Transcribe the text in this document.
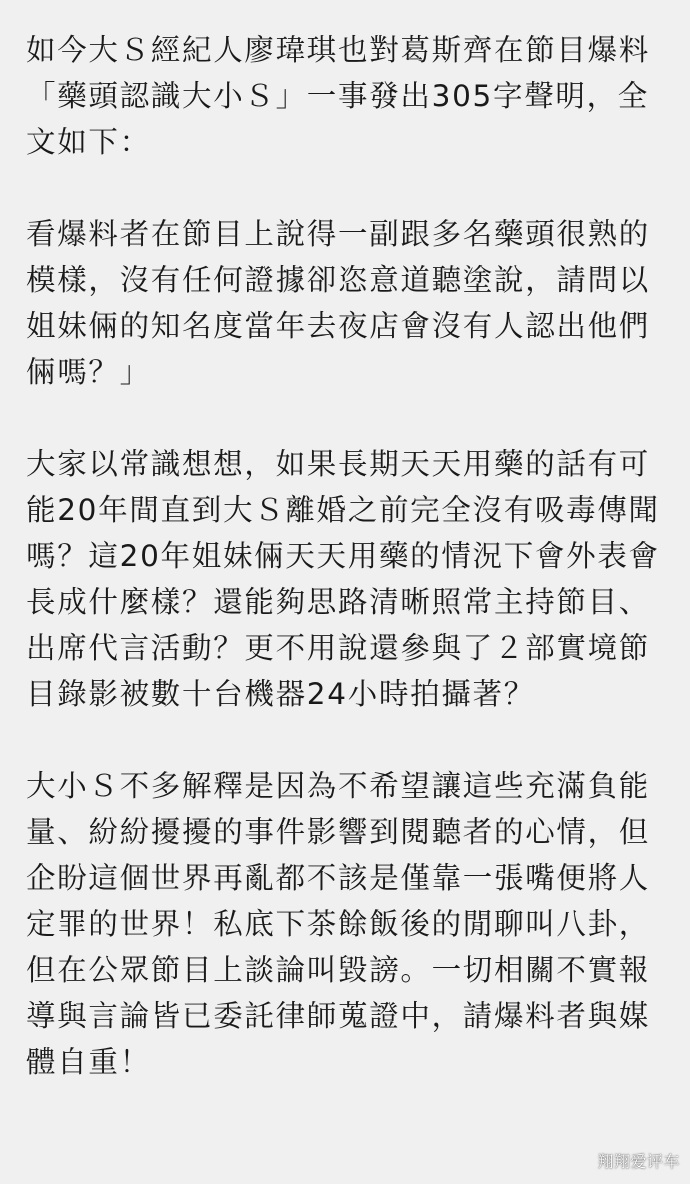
如今大Ｓ經紀人廖瑋琪也對葛斯齊在節目爆料
「藥頭認識大小Ｓ」一事發出305字聲明，全
文如下：
看爆料者在節目上說得一副跟多名藥頭很熟的
模樣，沒有任何證據卻恣意道聽塗說，請問以
姐妹倆的知名度當年去夜店會沒有人認出他們
倆嗎？」
大家以常識想想，如果長期天天用藥的話有可
能20年間直到大Ｓ離婚之前完全沒有吸毒傳聞
嗎？這20年姐妹倆天天用藥的情況下會外表會
長成什麼樣？還能夠思路清晰照常主持節目、
出席代言活動？更不用說還參與了２部實境節
目錄影被數十台機器24小時拍攝著？
大小Ｓ不多解釋是因為不希望讓這些充滿負能
量、紛紛擾擾的事件影響到閱聽者的心情，但
企盼這個世界再亂都不該是僅靠一張嘴便將人
定罪的世界！私底下茶餘飯後的閒聊叫八卦，
但在公眾節目上談論叫毀謗。一切相關不實報
導與言論皆已委託律師蒐證中，請爆料者與媒
體自重！
翔翔爱评车
